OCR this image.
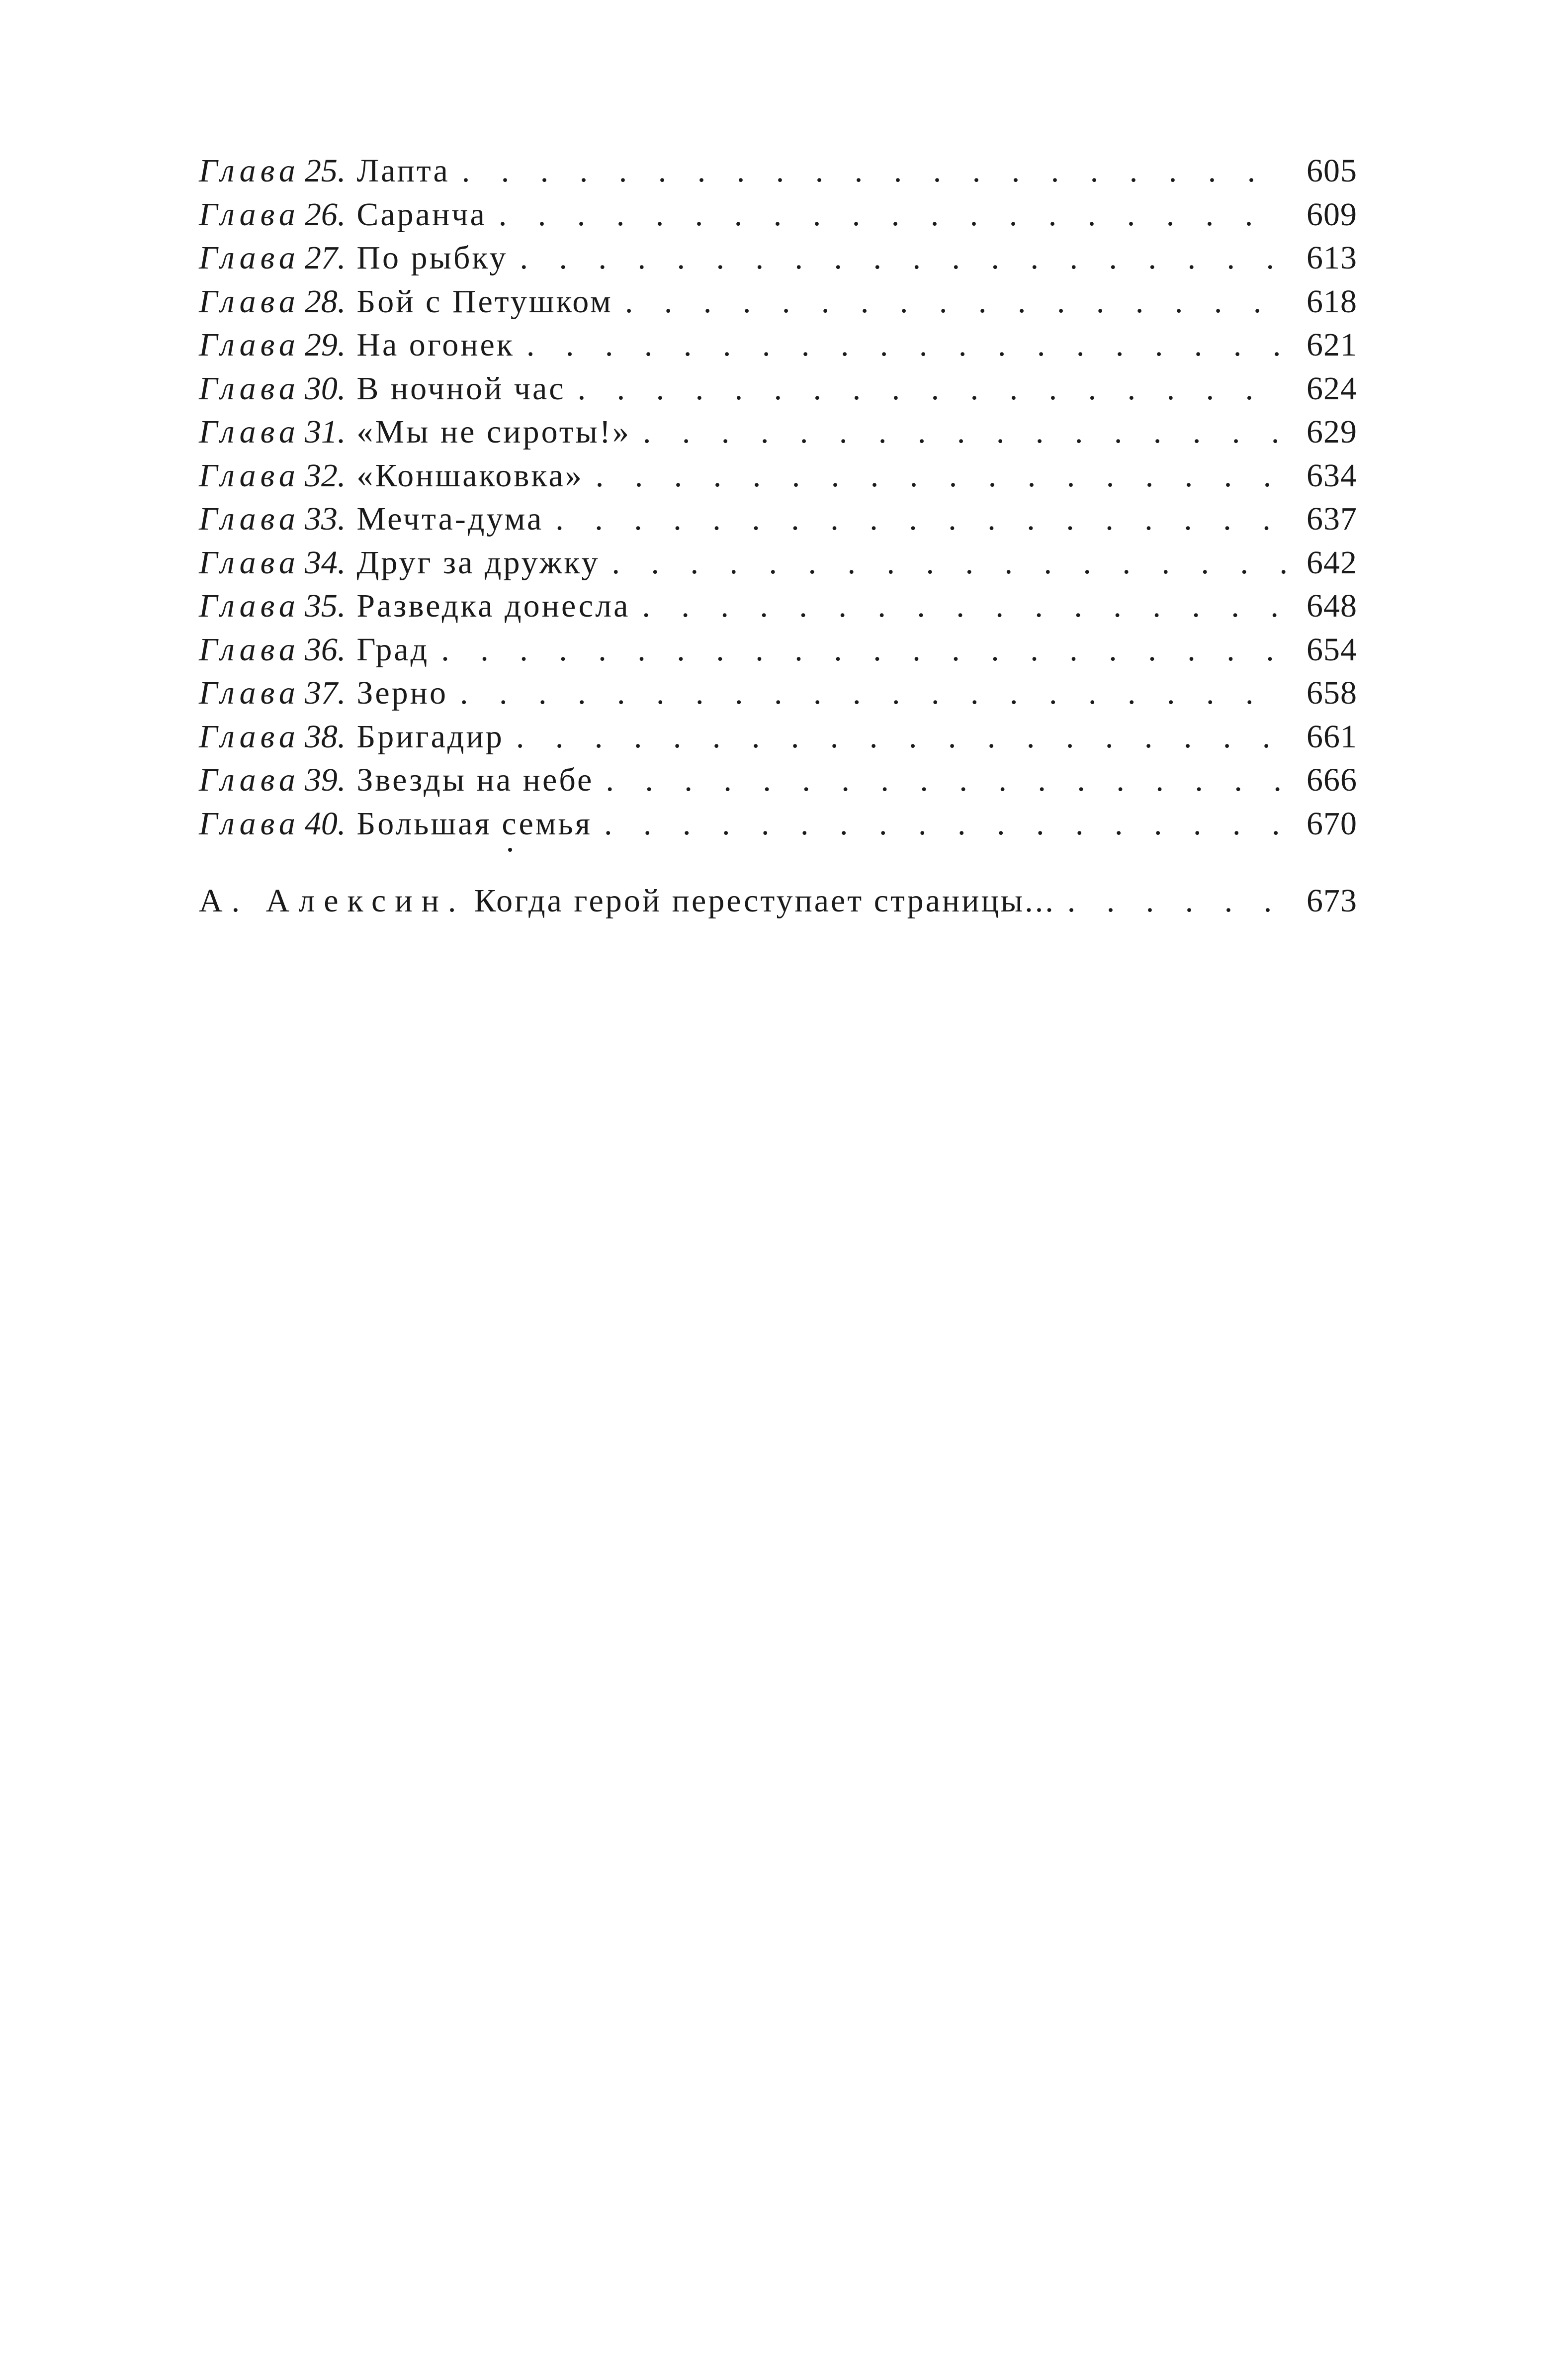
Глава 25. Лапта . . .	605
Глава 26. Саранча . . .	609
Глава 27. По рыбку . . .	613
Глава 28. Бой с Петушком . . .	618
Глава 29. На огонек . . .	621
Глава 30. В ночной час . . .	624
Глава 31. «Мы не сироты!» . . .	629
Глава 32. «Коншаковка» . . .	634
Глава 33. Мечта-дума . . .	637
Глава 34. Друг за дружку . . .	642
Глава 35. Разведка донесла . . .	648
Глава 36. Град . . .	654
Глава 37. Зерно . . .	658
Глава 38. Бригадир . . .	661
Глава 39. Звезды на небе . . .	666
Глава 40. Большая семья . . .	670
А. Алексин. Когда герой переступает страницы... . . .	673
